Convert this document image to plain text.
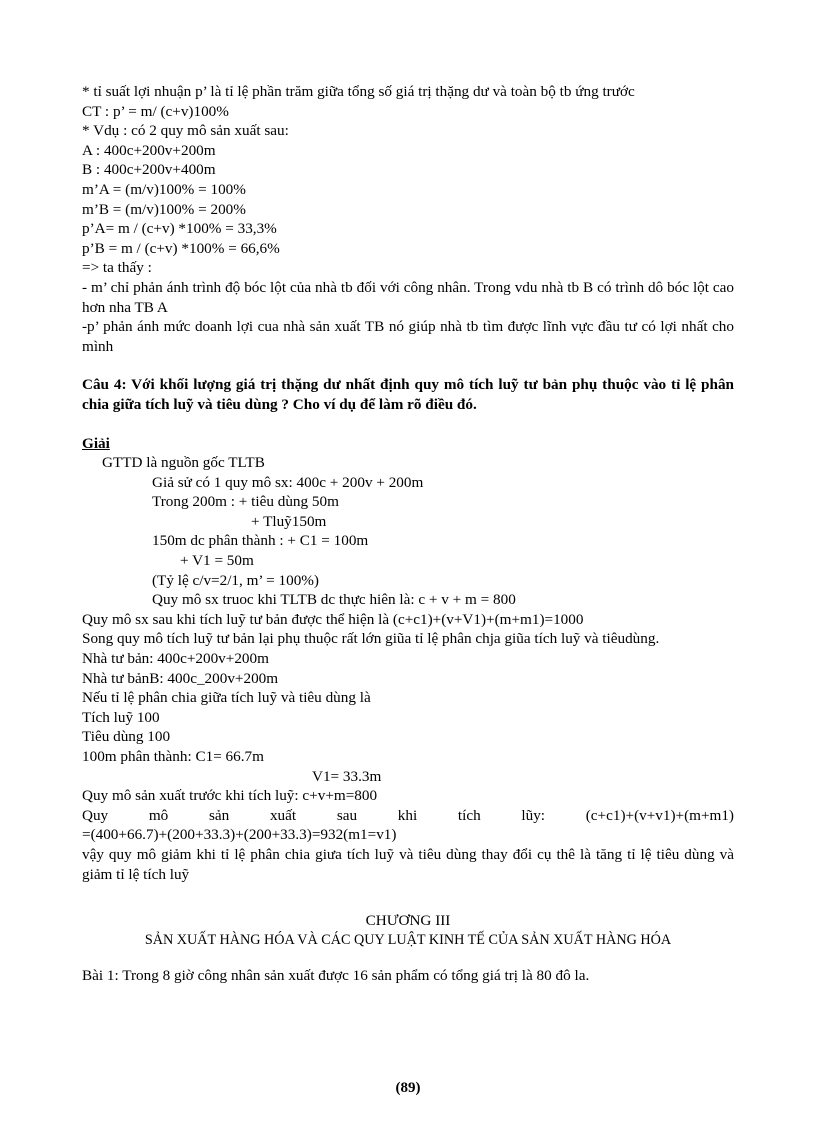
* tỉ suất lợi nhuận p’ là tỉ lệ phần trăm giữa tổng số giá trị thặng dư và toàn bộ tb ứng trước
CT : p’ = m/ (c+v)100%
* Vdụ : có 2 quy mô sản xuất sau:
A : 400c+200v+200m
B : 400c+200v+400m
m’A = (m/v)100% = 100%
m’B = (m/v)100% = 200%
p’A= m / (c+v) *100% = 33,3%
p’B = m / (c+v) *100% = 66,6%
=> ta thấy :
- m’ chỉ phản ánh trình độ bóc lột của nhà tb đối với công nhân. Trong vdu nhà tb B có trình dô bóc lột cao hơn nha TB A
-p’ phản ánh mức doanh lợi cua nhà sản xuất TB nó giúp nhà tb tìm được lĩnh vực đầu tư có lợi nhất cho mình
Câu 4: Với khối lượng giá trị thặng dư nhất định quy mô tích luỹ tư bản phụ thuộc vào tỉ lệ phân chia giữa tích luỹ và tiêu dùng ? Cho ví dụ để làm rõ điều đó.
Giải
GTTD là nguồn gốc TLTB
Giả sử có 1 quy mô sx: 400c + 200v + 200m
Trong 200m : + tiêu dùng 50m
+ Tluỹ150m
150m dc phân thành : + C1 = 100m
+ V1 = 50m
(Tỷ lệ c/v=2/1, m’ = 100%)
Quy mô sx truoc khi TLTB dc thực hiên là: c + v + m = 800
Quy mô sx sau khi tích luỹ tư bản được thể hiện là (c+c1)+(v+V1)+(m+m1)=1000
Song quy mô tích luỹ tư bản lại phụ thuộc rất lớn giũa tỉ lệ phân chja giũa tích luỹ và tiêudùng.
Nhà tư bản: 400c+200v+200m
Nhà tư bảnB: 400c_200v+200m
Nếu tỉ lệ phân chia giữa tích luỹ và tiêu dùng là
Tích luỹ 100
Tiêu dùng 100
100m phân thành: C1= 66.7m
V1= 33.3m
Quy mô sản xuất trước khi tích luỹ: c+v+m=800
Quy mô sản xuất sau khi tích lũy: (c+c1)+(v+v1)+(m+m1)
=(400+66.7)+(200+33.3)+(200+33.3)=932(m1=v1)
vậy quy mô giảm khi tỉ lệ phân chia giưa tích luỹ và tiêu dùng thay đổi cụ thê là tăng tỉ lệ tiêu dùng và giảm tỉ lệ tích luỹ
CHƯƠNG III
SẢN XUẤT HÀNG HÓA VÀ CÁC QUY LUẬT KINH TẾ CỦA SẢN XUẤT HÀNG HÓA
Bài 1: Trong 8 giờ công nhân sản xuất được 16 sản phẩm có tổng giá trị là 80 đô la.
(89)
